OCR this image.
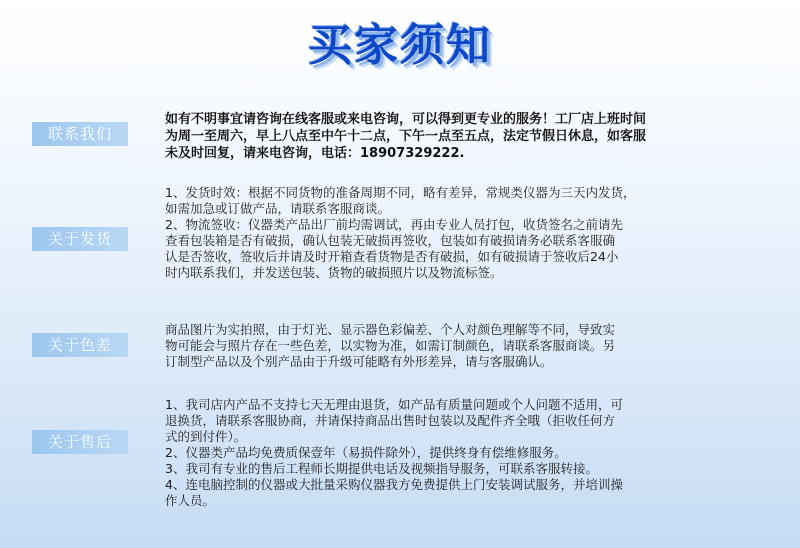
买家须知
联系我们
如有不明事宜请咨询在线客服或来电咨询，可以得到更专业的服务！工厂店上班时间
为周一至周六，早上八点至中午十二点，下午一点至五点，法定节假日休息，如客服
未及时回复，请来电咨询，电话：18907329222.
关于发货
1、发货时效：根据不同货物的准备周期不同，略有差异，常规类仪器为三天内发货，
如需加急或订做产品，请联系客服商谈。
2、物流签收：仪器类产品出厂前均需调试，再由专业人员打包，收货签名之前请先
查看包装箱是否有破损，确认包装无破损再签收，包装如有破损请务必联系客服确
认是否签收，签收后并请及时开箱查看货物是否有破损，如有破损请于签收后24小
时内联系我们，并发送包装、货物的破损照片以及物流标签。
关于色差
商品图片为实拍照，由于灯光、显示器色彩偏差、个人对颜色理解等不同，导致实
物可能会与照片存在一些色差，以实物为准，如需订制颜色，请联系客服商谈。另
订制型产品以及个别产品由于升级可能略有外形差异，请与客服确认。
关于售后
1、我司店内产品不支持七天无理由退货，如产品有质量问题或个人问题不适用，可
退换货，请联系客服协商，并请保持商品出售时包装以及配件齐全哦（拒收任何方
式的到付件）。
2、仪器类产品均免费质保壹年（易损件除外），提供终身有偿维修服务。
3、我司有专业的售后工程师长期提供电话及视频指导服务，可联系客服转接。
4、连电脑控制的仪器或大批量采购仪器我方免费提供上门安装调试服务，并培训操
作人员。
